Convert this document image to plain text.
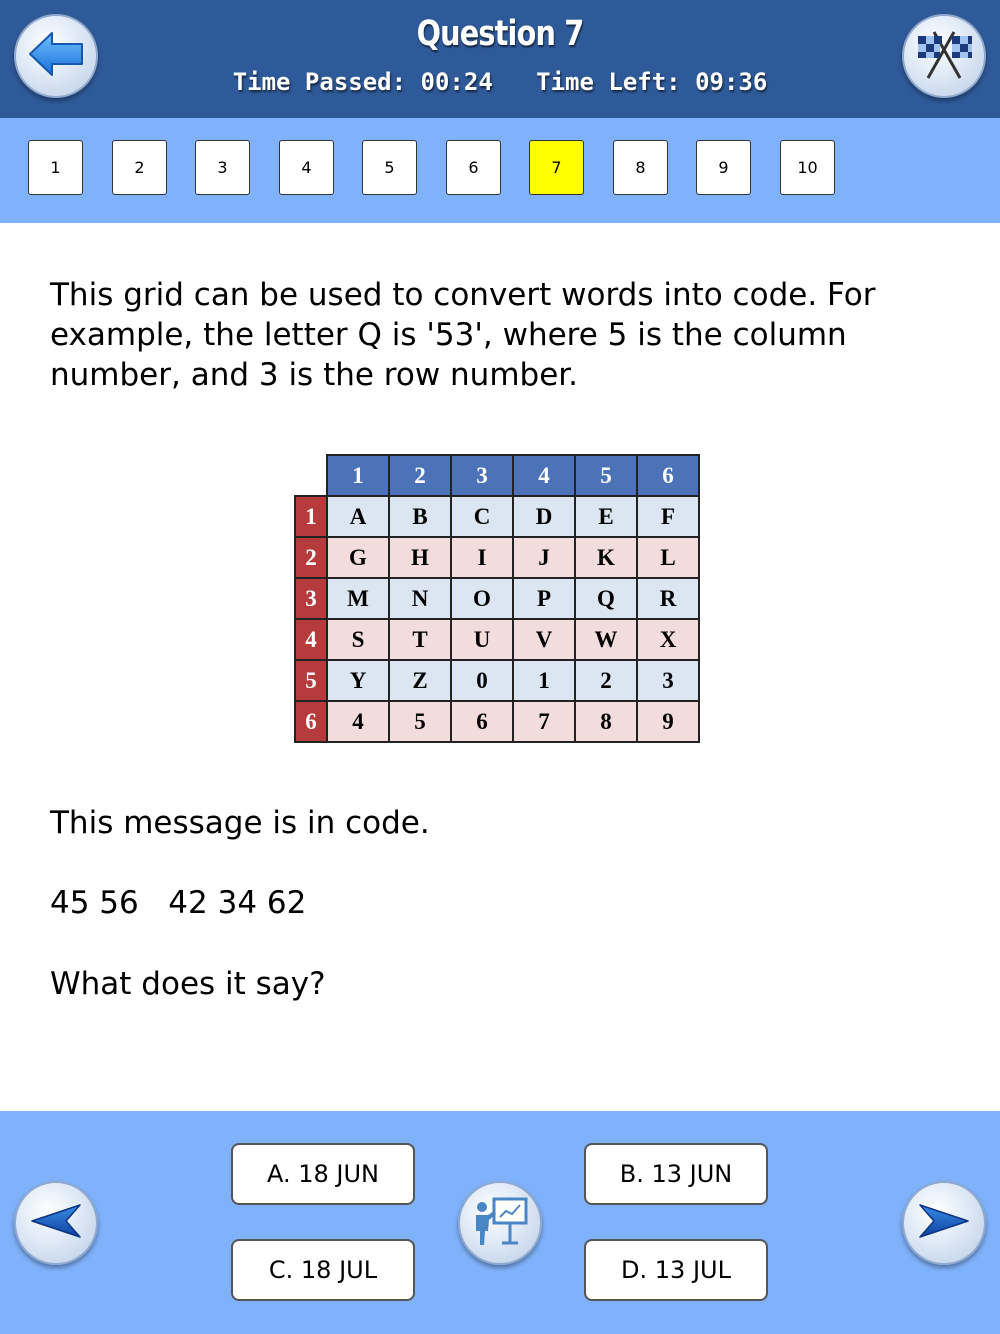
Question 7
Time Passed: 00:24   Time Left: 09:36
1	2	3	4	5	6	7	8	9	10
This grid can be used to convert words into code. For example, the letter Q is '53', where 5 is the column number, and 3 is the row number.
	1	2	3	4	5	6
1	A	B	C	D	E	F
2	G	H	I	J	K	L
3	M	N	O	P	Q	R
4	S	T	U	V	W	X
5	Y	Z	0	1	2	3
6	4	5	6	7	8	9
This message is in code.
45 56   42 34 62
What does it say?
A. 18 JUN
C. 18 JUL
B. 13 JUN
D. 13 JUL
